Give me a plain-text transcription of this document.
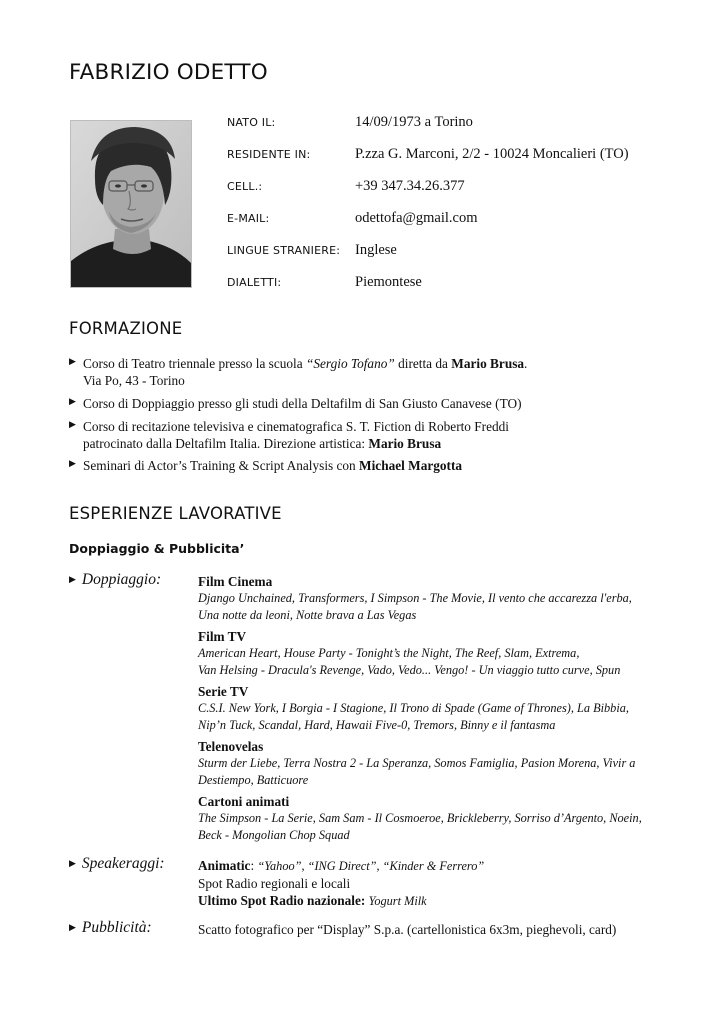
FABRIZIO ODETTO
NATO IL:	14/09/1973 a Torino
RESIDENTE IN:	P.zza G. Marconi, 2/2 - 10024 Moncalieri (TO)
CELL.:	+39 347.34.26.377
E-MAIL:	odettofa@gmail.com
LINGUE STRANIERE: Inglese
DIALETTI:	Piemontese
FORMAZIONE
▶ Corso di Teatro triennale presso la scuola “Sergio Tofano” diretta da Mario Brusa.
Via Po, 43 - Torino
▶ Corso di Doppiaggio presso gli studi della Deltafilm di San Giusto Canavese (TO)
▶ Corso di recitazione televisiva e cinematografica S. T. Fiction di Roberto Freddi
patrocinato dalla Deltafilm Italia. Direzione artistica: Mario Brusa
▶ Seminari di Actor’s Training & Script Analysis con Michael Margotta
ESPERIENZE LAVORATIVE
Doppiaggio & Pubblicita’
▶ Doppiaggio:	Film Cinema
Django Unchained, Transformers, I Simpson - The Movie, Il vento che accarezza l'erba,
Una notte da leoni, Notte brava a Las Vegas
Film TV
American Heart, House Party - Tonight’s the Night, The Reef, Slam, Extrema,
Van Helsing - Dracula's Revenge, Vado, Vedo... Vengo! - Un viaggio tutto curve, Spun
Serie TV
C.S.I. New York, I Borgia - I Stagione, Il Trono di Spade (Game of Thrones), La Bibbia,
Nip’n Tuck, Scandal, Hard, Hawaii Five-0, Tremors, Binny e il fantasma
Telenovelas
Sturm der Liebe, Terra Nostra 2 - La Speranza, Somos Famiglia, Pasion Morena, Vivir a
Destiempo, Batticuore
Cartoni animati
The Simpson - La Serie, Sam Sam - Il Cosmoeroe, Brickleberry, Sorriso d’Argento, Noein,
Beck - Mongolian Chop Squad
▶ Speakeraggi:	Animatic: “Yahoo”, “ING Direct”, “Kinder & Ferrero”
Spot Radio regionali e locali
Ultimo Spot Radio nazionale: Yogurt Milk
▶ Pubblicità:	Scatto fotografico per “Display” S.p.a. (cartellonistica 6x3m, pieghevoli, card)
